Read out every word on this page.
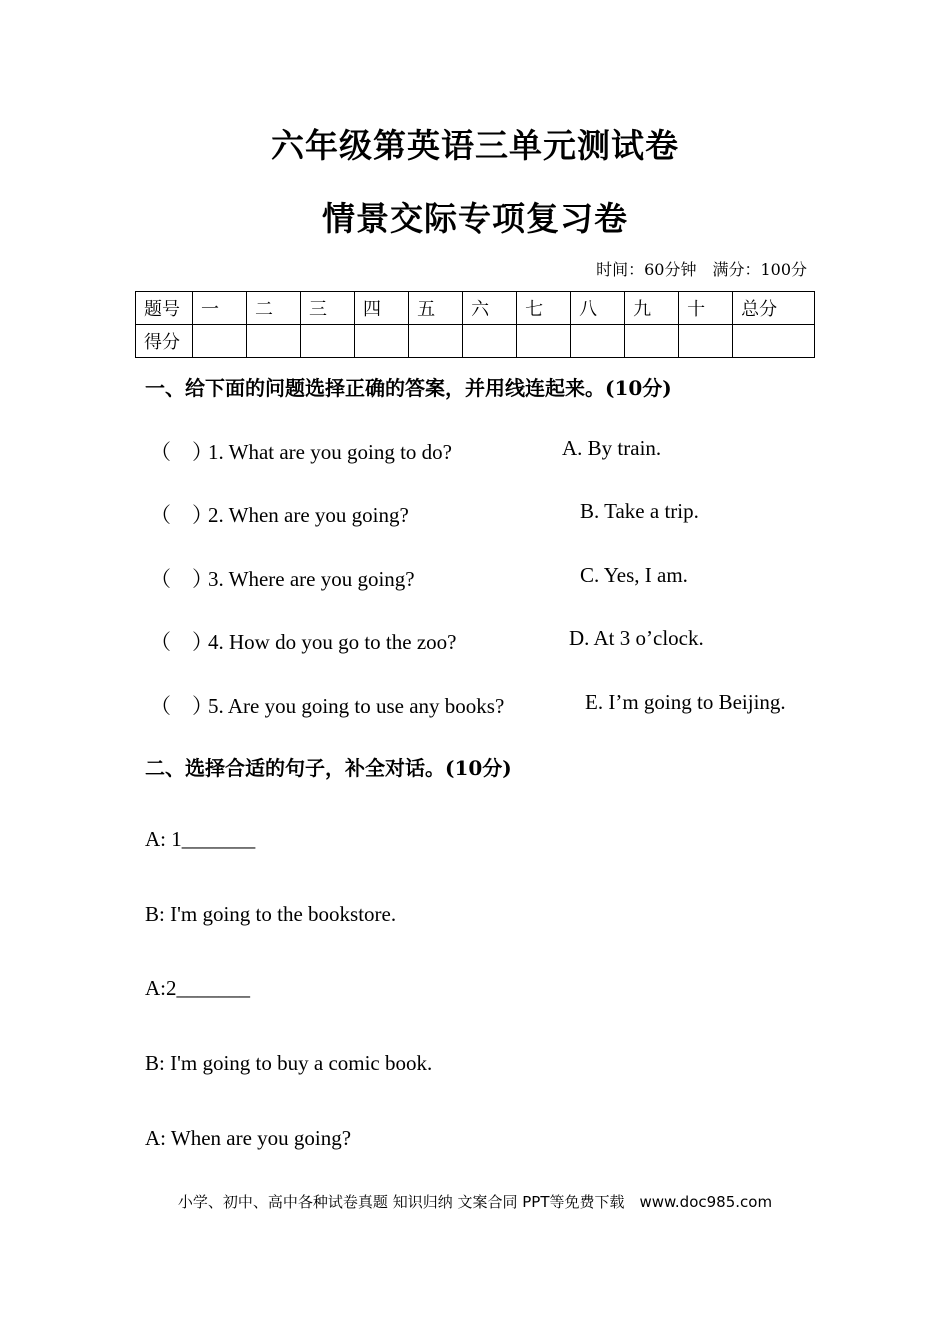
六年级第英语三单元测试卷
情景交际专项复习卷
时间：60分钟　满分：100分
题号	一	二	三	四	五	六	七	八	九	十	总分
得分											
一、给下面的问题选择正确的答案，并用线连起来。(10分)
（　）1. What are you going to do?	A. By train.
（　）2. When are you going?	B. Take a trip.
（　）3. Where are you going?	C. Yes, I am.
（　）4. How do you go to the zoo?	D. At 3 o’clock.
（　）5. Are you going to use any books?	E. I’m going to Beijing.
二、选择合适的句子，补全对话。(10分)
A: 1_______
B: I'm going to the bookstore.
A:2_______
B: I'm going to buy a comic book.
A: When are you going?
小学、初中、高中各种试卷真题 知识归纳 文案合同 PPT等免费下载　www.doc985.com
